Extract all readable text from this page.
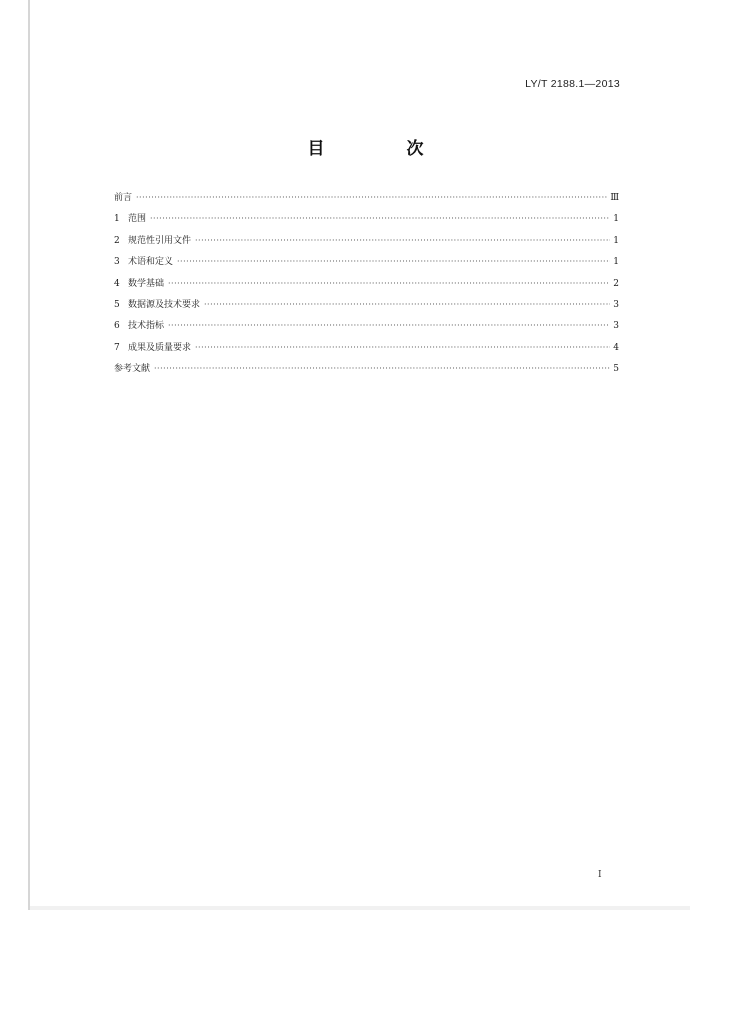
LY/T 2188.1—2013
目 次
前言 ·····	Ⅲ
1 范围 ·····	1
2 规范性引用文件 ·····	1
3 术语和定义 ·····	1
4 数学基础 ·····	2
5 数据源及技术要求 ·····	3
6 技术指标 ·····	3
7 成果及质量要求 ·····	4
参考文献 ·····	5
I
